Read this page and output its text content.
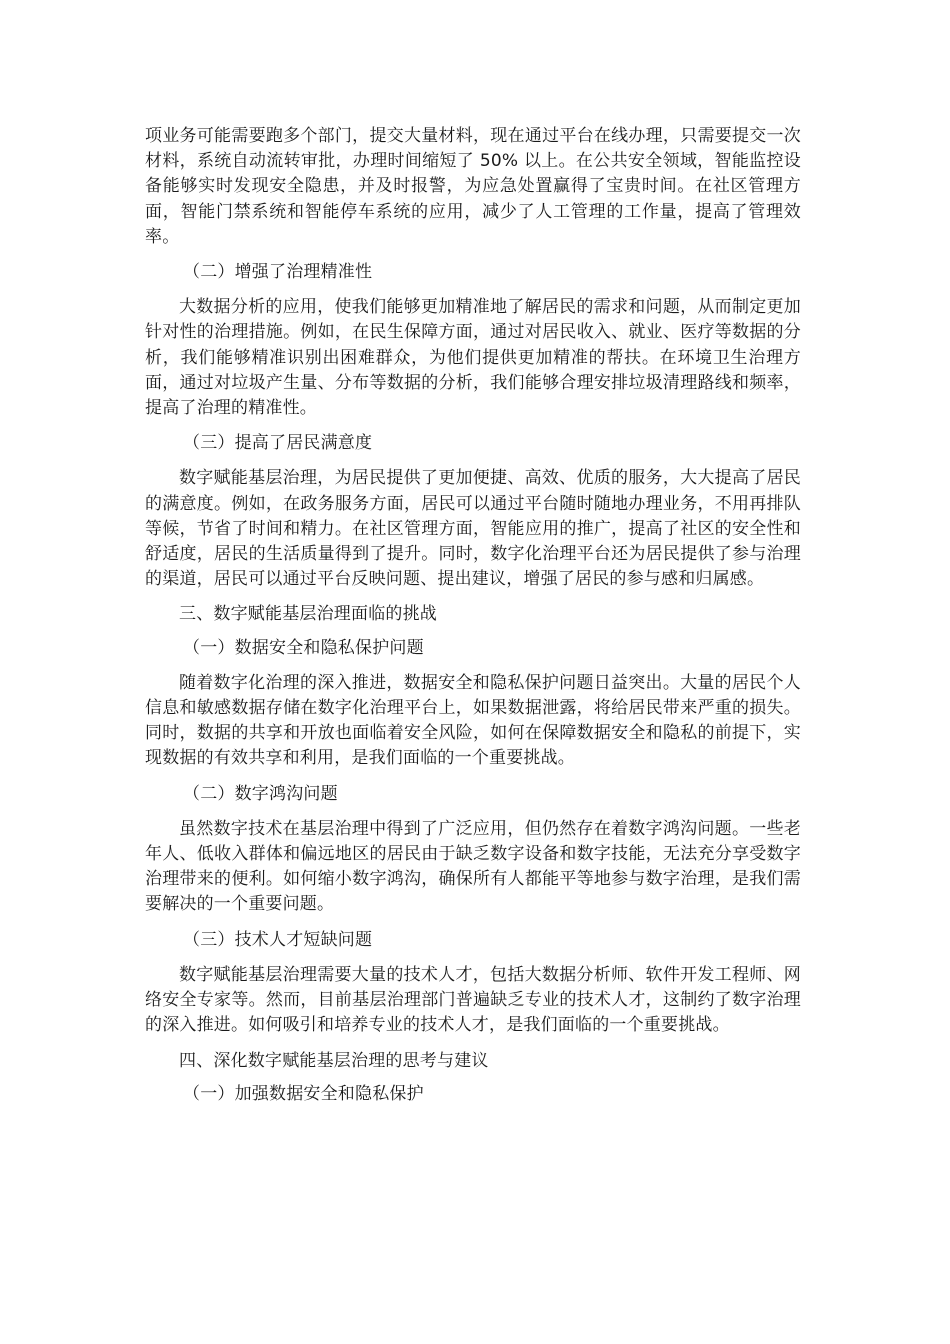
项业务可能需要跑多个部门，提交大量材料，现在通过平台在线办理，只需要提交一次材料，系统自动流转审批，办理时间缩短了 50% 以上。在公共安全领域，智能监控设备能够实时发现安全隐患，并及时报警，为应急处置赢得了宝贵时间。在社区管理方面，智能门禁系统和智能停车系统的应用，减少了人工管理的工作量，提高了管理效率。

（二）增强了治理精准性

大数据分析的应用，使我们能够更加精准地了解居民的需求和问题，从而制定更加针对性的治理措施。例如，在民生保障方面，通过对居民收入、就业、医疗等数据的分析，我们能够精准识别出困难群众，为他们提供更加精准的帮扶。在环境卫生治理方面，通过对垃圾产生量、分布等数据的分析，我们能够合理安排垃圾清理路线和频率，提高了治理的精准性。

（三）提高了居民满意度

数字赋能基层治理，为居民提供了更加便捷、高效、优质的服务，大大提高了居民的满意度。例如，在政务服务方面，居民可以通过平台随时随地办理业务，不用再排队等候，节省了时间和精力。在社区管理方面，智能应用的推广，提高了社区的安全性和舒适度，居民的生活质量得到了提升。同时，数字化治理平台还为居民提供了参与治理的渠道，居民可以通过平台反映问题、提出建议，增强了居民的参与感和归属感。

三、数字赋能基层治理面临的挑战

（一）数据安全和隐私保护问题

随着数字化治理的深入推进，数据安全和隐私保护问题日益突出。大量的居民个人信息和敏感数据存储在数字化治理平台上，如果数据泄露，将给居民带来严重的损失。同时，数据的共享和开放也面临着安全风险，如何在保障数据安全和隐私的前提下，实现数据的有效共享和利用，是我们面临的一个重要挑战。

（二）数字鸿沟问题

虽然数字技术在基层治理中得到了广泛应用，但仍然存在着数字鸿沟问题。一些老年人、低收入群体和偏远地区的居民由于缺乏数字设备和数字技能，无法充分享受数字治理带来的便利。如何缩小数字鸿沟，确保所有人都能平等地参与数字治理，是我们需要解决的一个重要问题。

（三）技术人才短缺问题

数字赋能基层治理需要大量的技术人才，包括大数据分析师、软件开发工程师、网络安全专家等。然而，目前基层治理部门普遍缺乏专业的技术人才，这制约了数字治理的深入推进。如何吸引和培养专业的技术人才，是我们面临的一个重要挑战。

四、深化数字赋能基层治理的思考与建议

（一）加强数据安全和隐私保护
